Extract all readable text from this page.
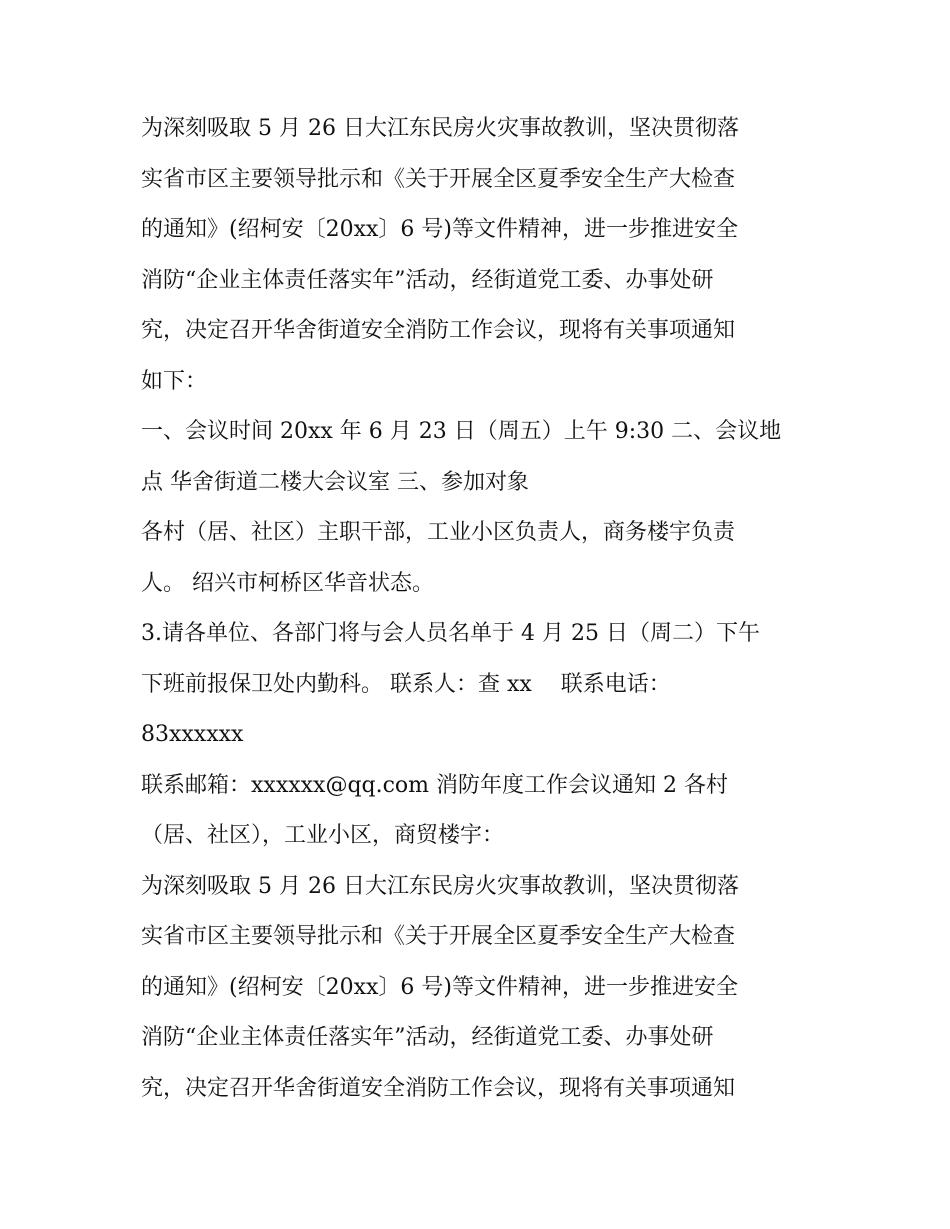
为深刻吸取 5 月 26 日大江东民房火灾事故教训，坚决贯彻落
实省市区主要领导批示和《关于开展全区夏季安全生产大检查
的通知》(绍柯安〔20xx〕6 号)等文件精神，进一步推进安全
消防“企业主体责任落实年”活动，经街道党工委、办事处研
究，决定召开华舍街道安全消防工作会议，现将有关事项通知
如下：
一、会议时间 20xx 年 6 月 23 日（周五）上午 9:30 二、会议地
点 华舍街道二楼大会议室 三、参加对象
各村（居、社区）主职干部，工业小区负责人，商务楼宇负责
人。 绍兴市柯桥区华音状态。
3.请各单位、各部门将与会人员名单于 4 月 25 日（周二）下午
下班前报保卫处内勤科。 联系人：查 xx 　联系电话：
83xxxxxx
联系邮箱：xxxxxx@qq.com 消防年度工作会议通知 2 各村
（居、社区），工业小区，商贸楼宇：
为深刻吸取 5 月 26 日大江东民房火灾事故教训，坚决贯彻落
实省市区主要领导批示和《关于开展全区夏季安全生产大检查
的通知》(绍柯安〔20xx〕6 号)等文件精神，进一步推进安全
消防“企业主体责任落实年”活动，经街道党工委、办事处研
究，决定召开华舍街道安全消防工作会议，现将有关事项通知
